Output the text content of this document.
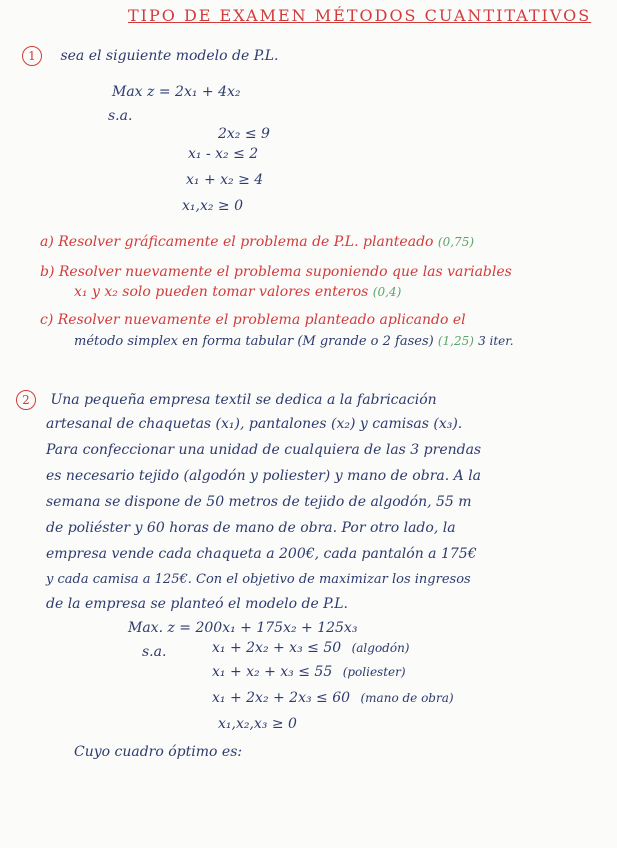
TIPO DE EXAMEN MÉTODOS CUANTITATIVOS
1 sea el siguiente modelo de P.L.
Max z = 2x₁ + 4x₂
s.a.
2x₂ ≤ 9
x₁ - x₂ ≤ 2
x₁ + x₂ ≥ 4
x₁,x₂ ≥ 0
a) Resolver gráficamente el problema de P.L. planteado (0,75)
b) Resolver nuevamente el problema suponiendo que las variables
x₁ y x₂ solo pueden tomar valores enteros (0,4)
c) Resolver nuevamente el problema planteado aplicando el
método simplex en forma tabular (M grande o 2 fases) (1,25) 3 iter.
2 Una pequeña empresa textil se dedica a la fabricación
artesanal de chaquetas (x₁), pantalones (x₂) y camisas (x₃).
Para confeccionar una unidad de cualquiera de las 3 prendas
es necesario tejido (algodón y poliester) y mano de obra. A la
semana se dispone de 50 metros de tejido de algodón, 55 m
de poliéster y 60 horas de mano de obra. Por otro lado, la
empresa vende cada chaqueta a 200€, cada pantalón a 175€
y cada camisa a 125€. Con el objetivo de maximizar los ingresos
de la empresa se planteó el modelo de P.L.
Max. z = 200x₁ + 175x₂ + 125x₃
s.a.	x₁ + 2x₂ + x₃ ≤ 50 (algodón)
x₁ + x₂ + x₃ ≤ 55 (poliester)
x₁ + 2x₂ + 2x₃ ≤ 60 (mano de obra)
x₁,x₂,x₃ ≥ 0
Cuyo cuadro óptimo es:
